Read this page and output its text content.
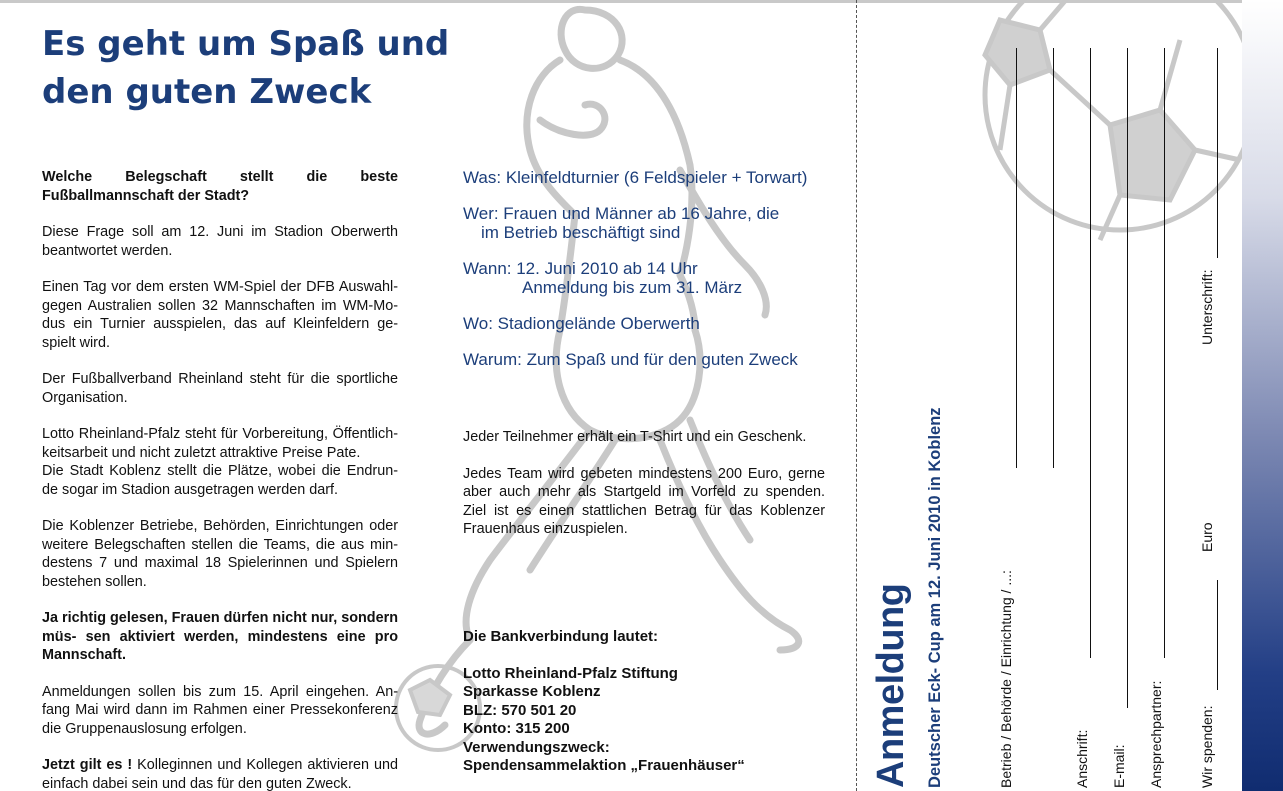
Es geht um Spaß und
den guten Zweck

Welche Belegschaft stellt die beste Fußballmannschaft der Stadt?

Diese Frage soll am 12. Juni im Stadion Oberwerth beantwortet werden.

Einen Tag vor dem ersten WM-Spiel der DFB Auswahl- gegen Australien sollen 32 Mannschaften im WM-Mo- dus ein Turnier ausspielen, das auf Kleinfeldern ge- spielt wird.

Der Fußballverband Rheinland steht für die sportliche Organisation.

Lotto Rheinland-Pfalz steht für Vorbereitung, Öffentlich- keitsarbeit und nicht zuletzt attraktive Preise Pate.
Die Stadt Koblenz stellt die Plätze, wobei die Endrun- de sogar im Stadion ausgetragen werden darf.

Die Koblenzer Betriebe, Behörden, Einrichtungen oder weitere Belegschaften stellen die Teams, die aus min- destens 7 und maximal 18 Spielerinnen und Spielern bestehen sollen.

Ja richtig gelesen, Frauen dürfen nicht nur, sondern müs- sen aktiviert werden, mindestens eine pro Mannschaft.

Anmeldungen sollen bis zum 15. April eingehen. An- fang Mai wird dann im Rahmen einer Pressekonferenz die Gruppenauslosung erfolgen.

Jetzt gilt es ! Kolleginnen und Kollegen aktivieren und einfach dabei sein und das für den guten Zweck.

Was: Kleinfeldturnier (6 Feldspieler + Torwart)
Wer: Frauen und Männer ab 16 Jahre, die
im Betrieb beschäftigt sind
Wann: 12. Juni 2010 ab 14 Uhr
Anmeldung bis zum 31. März
Wo: Stadiongelände Oberwerth
Warum: Zum Spaß und für den guten Zweck

Jeder Teilnehmer erhält ein T-Shirt und ein Geschenk.

Jedes Team wird gebeten mindestens 200 Euro, gerne aber auch mehr als Startgeld im Vorfeld zu spenden. Ziel ist es einen stattlichen Betrag für das Koblenzer Frauenhaus einzuspielen.

Die Bankverbindung lautet:
Lotto Rheinland-Pfalz Stiftung
Sparkasse Koblenz
BLZ: 570 501 20
Konto: 315 200
Verwendungszweck:
Spendensammelaktion „Frauenhäuser“	Anmeldung Deutscher Eck- Cup am 12. Juni 2010 in Koblenz	Betrieb / Behörde / Einrichtung / ...:	Anschrift: E-mail: Ansprechpartner:	Wir spenden:
Euro
Unterschrift:
